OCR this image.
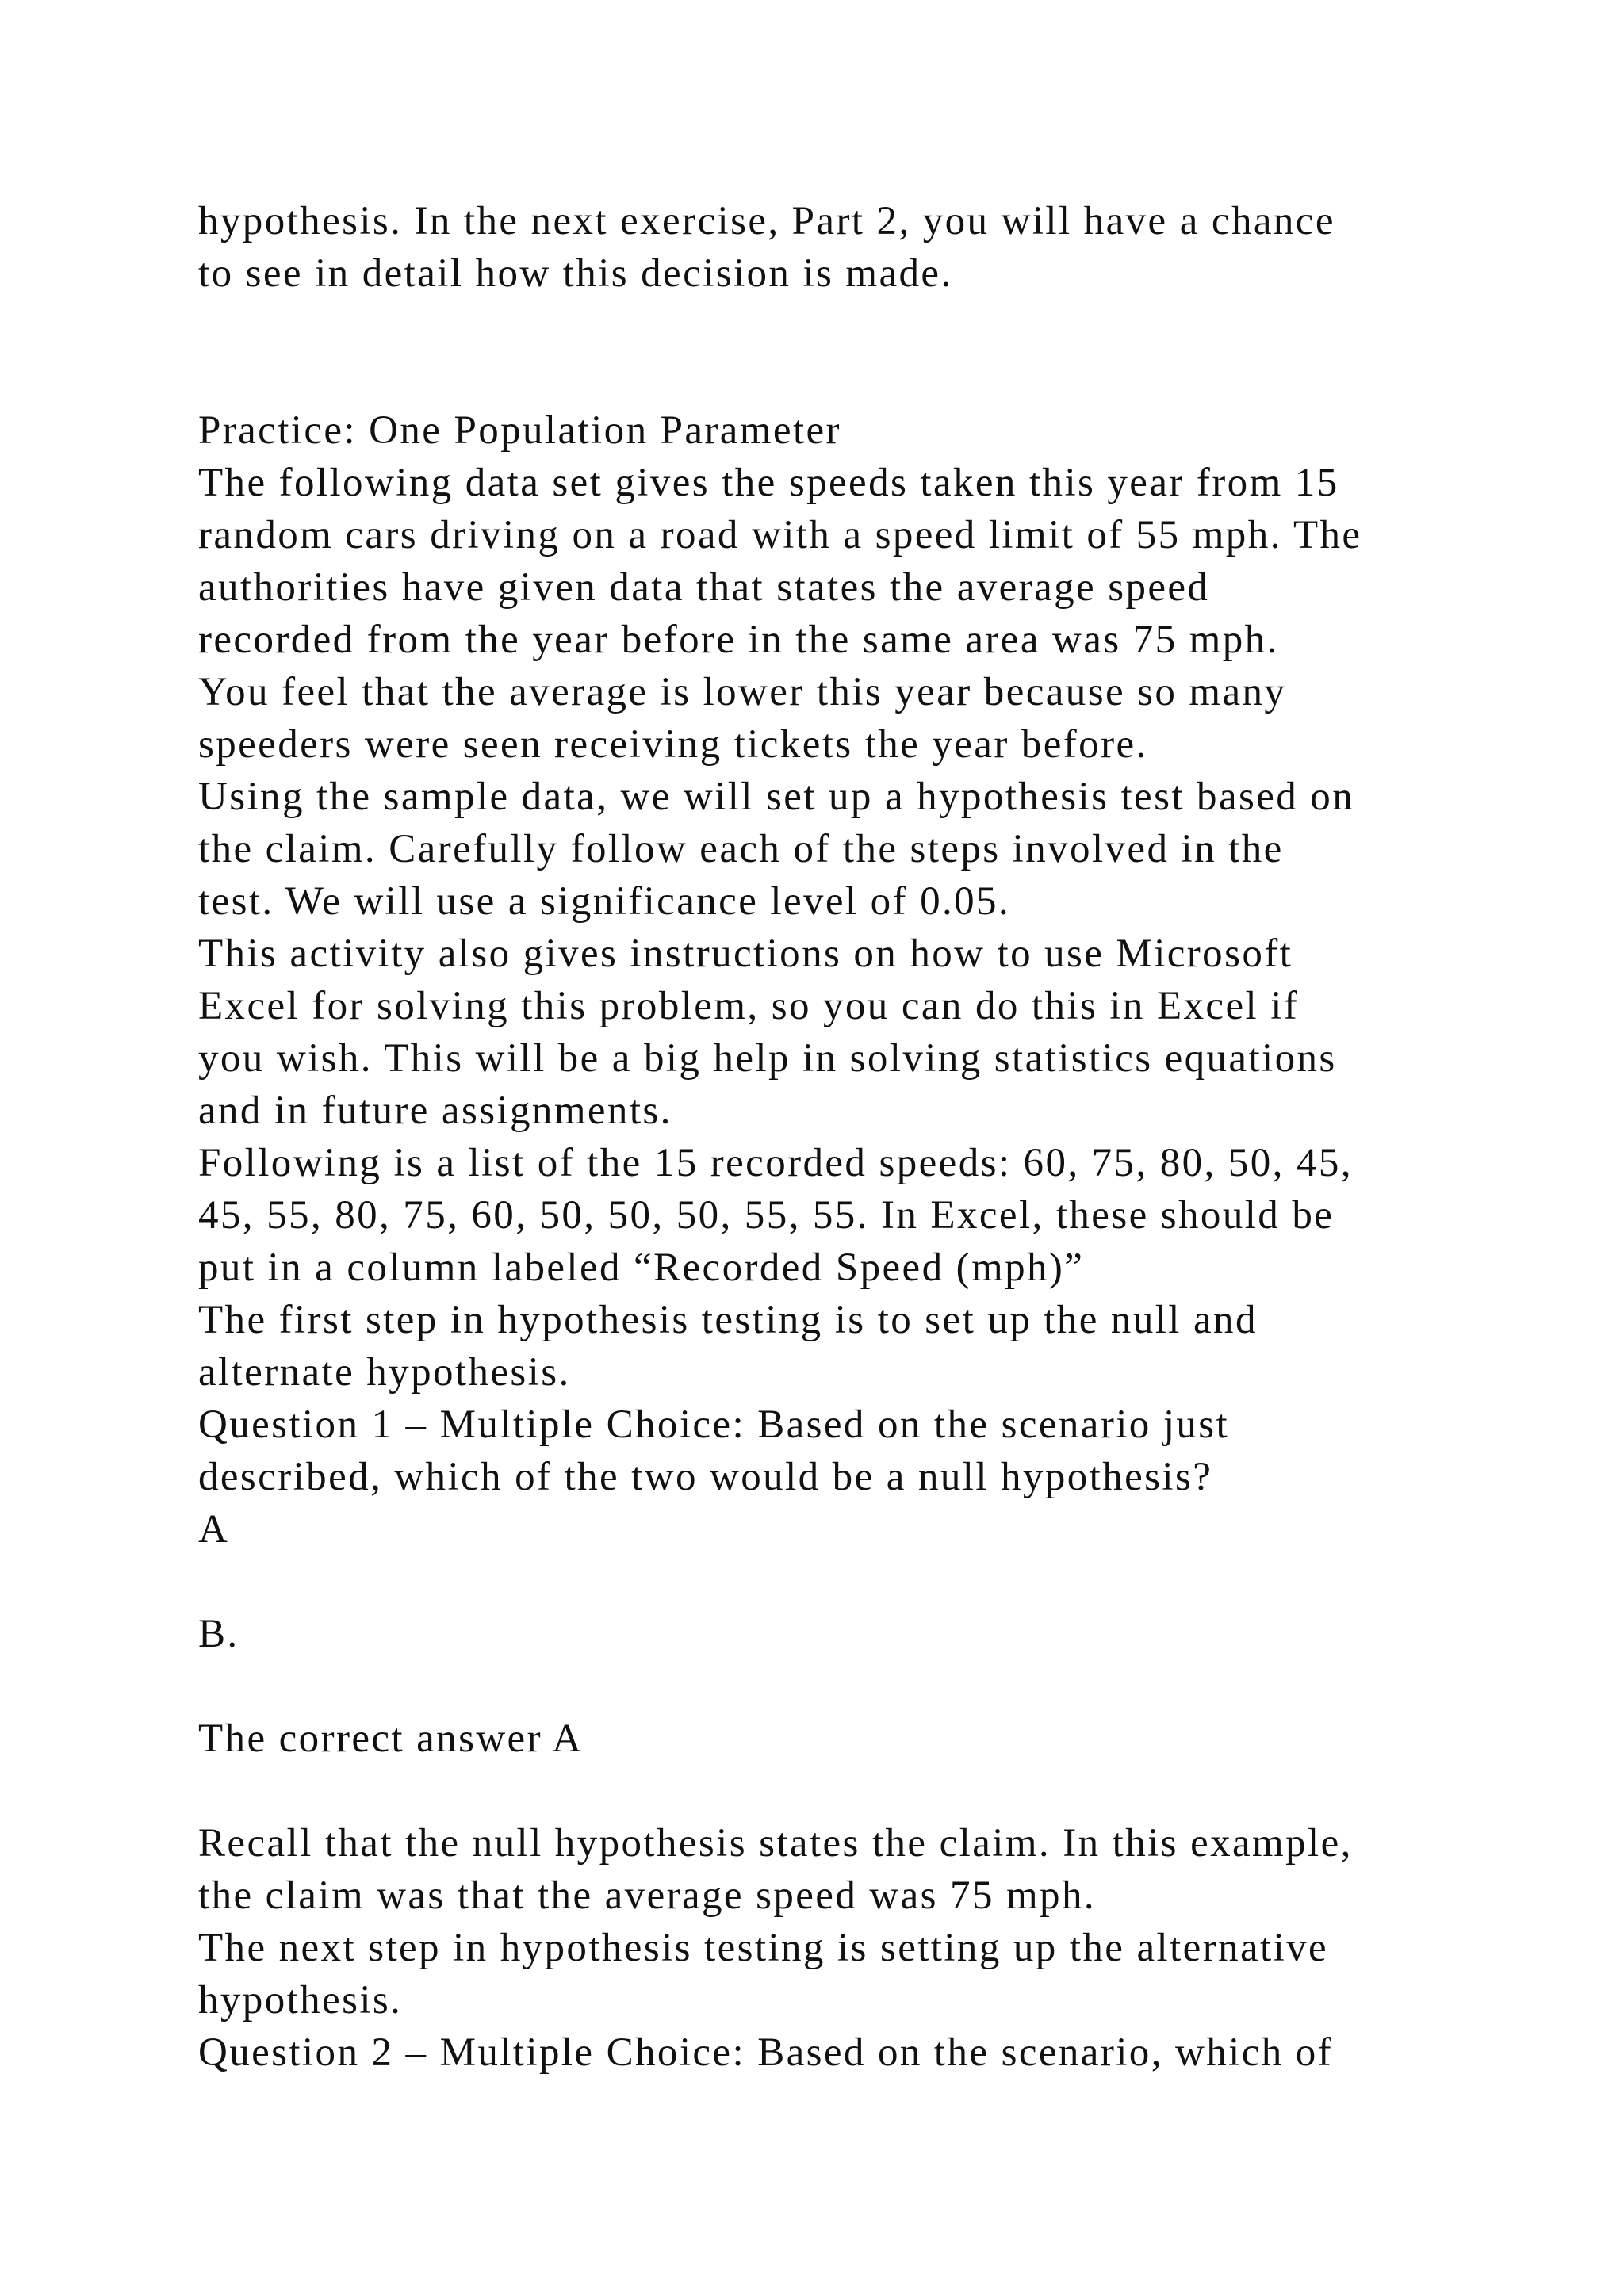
hypothesis. In the next exercise, Part 2, you will have a chance
to see in detail how this decision is made.
Practice: One Population Parameter
The following data set gives the speeds taken this year from 15
random cars driving on a road with a speed limit of 55 mph. The
authorities have given data that states the average speed
recorded from the year before in the same area was 75 mph.
You feel that the average is lower this year because so many
speeders were seen receiving tickets the year before.
Using the sample data, we will set up a hypothesis test based on
the claim. Carefully follow each of the steps involved in the
test. We will use a significance level of 0.05.
This activity also gives instructions on how to use Microsoft
Excel for solving this problem, so you can do this in Excel if
you wish. This will be a big help in solving statistics equations
and in future assignments.
Following is a list of the 15 recorded speeds: 60, 75, 80, 50, 45,
45, 55, 80, 75, 60, 50, 50, 50, 55, 55. In Excel, these should be
put in a column labeled “Recorded Speed (mph)”
The first step in hypothesis testing is to set up the null and
alternate hypothesis.
Question 1 – Multiple Choice: Based on the scenario just
described, which of the two would be a null hypothesis?
A
B.
The correct answer A
Recall that the null hypothesis states the claim. In this example,
the claim was that the average speed was 75 mph.
The next step in hypothesis testing is setting up the alternative
hypothesis.
Question 2 – Multiple Choice: Based on the scenario, which of
